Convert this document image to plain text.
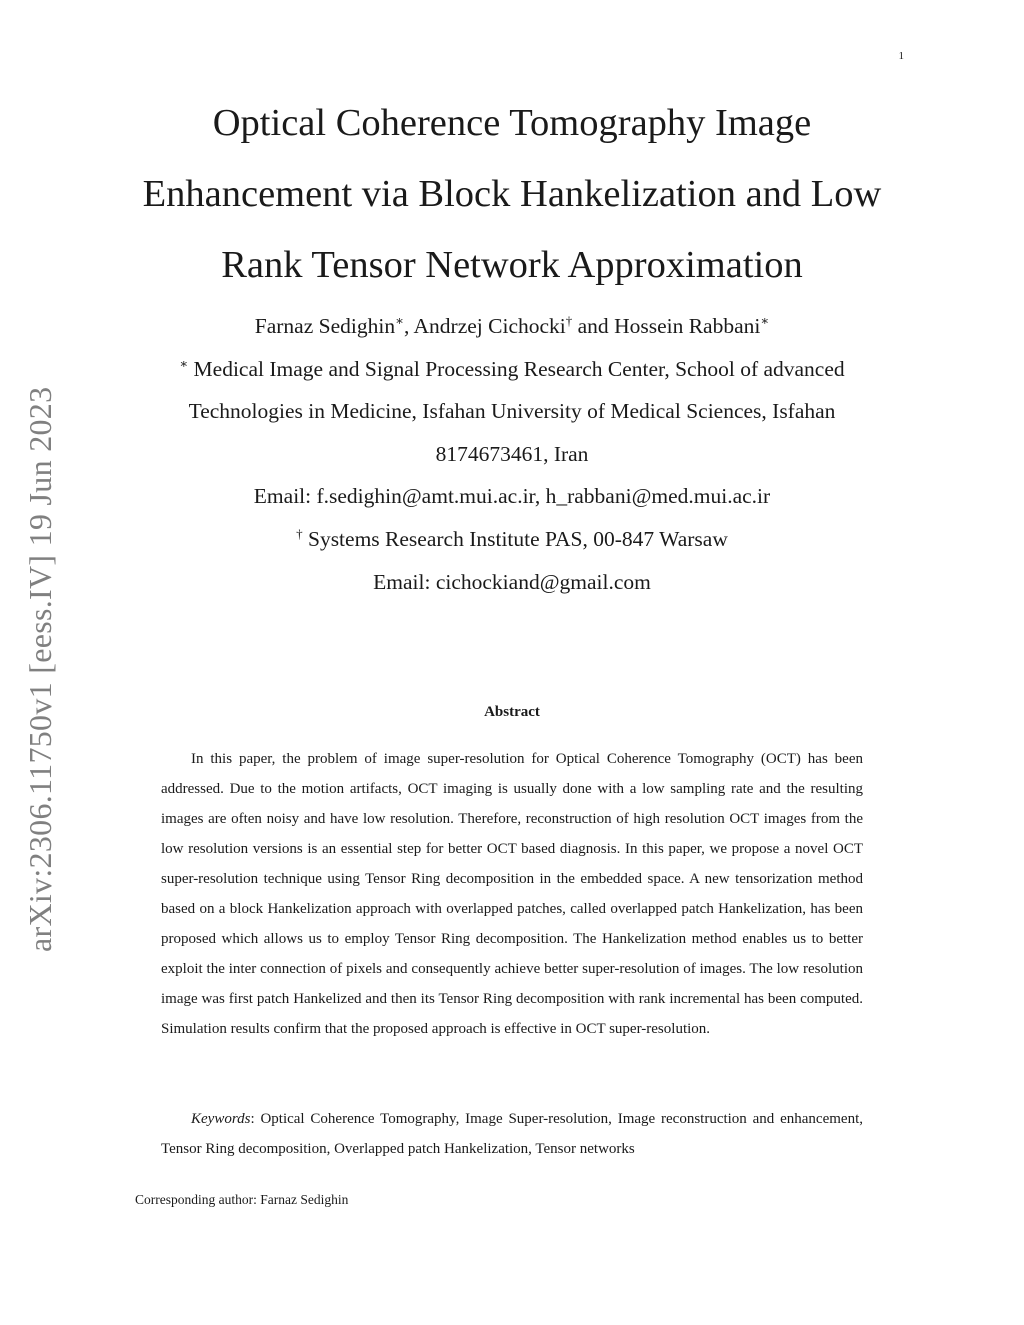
1
arXiv:2306.11750v1 [eess.IV] 19 Jun 2023
Optical Coherence Tomography Image
Enhancement via Block Hankelization and Low
Rank Tensor Network Approximation
Farnaz Sedighin∗, Andrzej Cichocki† and Hossein Rabbani∗
∗ Medical Image and Signal Processing Research Center, School of advanced
Technologies in Medicine, Isfahan University of Medical Sciences, Isfahan
8174673461, Iran
Email: f.sedighin@amt.mui.ac.ir, h_rabbani@med.mui.ac.ir
† Systems Research Institute PAS, 00-847 Warsaw
Email: cichockiand@gmail.com
Abstract

In this paper, the problem of image super-resolution for Optical Coherence Tomography (OCT) has been addressed. Due to the motion artifacts, OCT imaging is usually done with a low sampling rate and the resulting images are often noisy and have low resolution. Therefore, reconstruction of high resolution OCT images from the low resolution versions is an essential step for better OCT based diagnosis. In this paper, we propose a novel OCT super-resolution technique using Tensor Ring decomposition in the embedded space. A new tensorization method based on a block Hankelization approach with overlapped patches, called overlapped patch Hankelization, has been proposed which allows us to employ Tensor Ring decomposition. The Hankelization method enables us to better exploit the inter connection of pixels and consequently achieve better super-resolution of images. The low resolution image was first patch Hankelized and then its Tensor Ring decomposition with rank incremental has been computed. Simulation results confirm that the proposed approach is effective in OCT super-resolution.

Keywords: Optical Coherence Tomography, Image Super-resolution, Image reconstruction and enhancement, Tensor Ring decomposition, Overlapped patch Hankelization, Tensor networks

Corresponding author: Farnaz Sedighin
